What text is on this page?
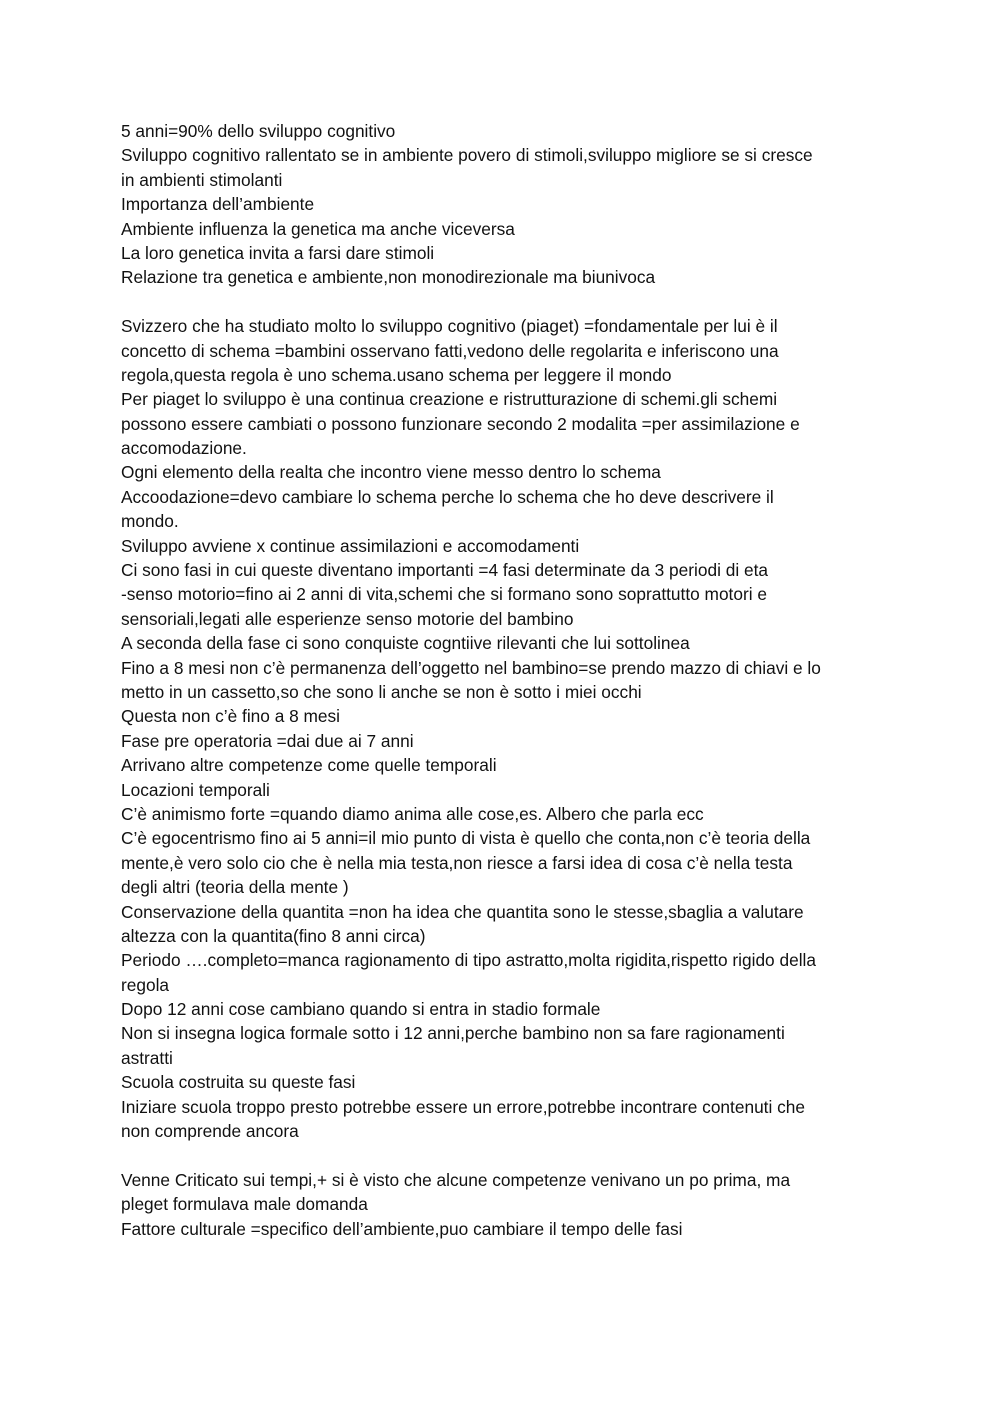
5 anni=90% dello sviluppo cognitivo
Sviluppo cognitivo rallentato se in ambiente povero di stimoli,sviluppo migliore se si cresce
in ambienti stimolanti
Importanza dell’ambiente
Ambiente influenza la genetica ma anche viceversa
La loro genetica invita a farsi dare stimoli
Relazione tra genetica e ambiente,non monodirezionale ma biunivoca
Svizzero che ha studiato molto lo sviluppo cognitivo (piaget) =fondamentale per lui è il
concetto di schema =bambini osservano fatti,vedono delle regolarita e inferiscono una
regola,questa regola è uno schema.usano schema per leggere il mondo
Per piaget lo sviluppo è una continua creazione e ristrutturazione di schemi.gli schemi
possono essere cambiati o possono funzionare secondo 2 modalita =per assimilazione e
accomodazione.
Ogni elemento della realta che incontro viene messo dentro lo schema
Accoodazione=devo cambiare lo schema perche lo schema che ho deve descrivere il
mondo.
Sviluppo avviene x continue assimilazioni e accomodamenti
Ci sono fasi in cui queste diventano importanti =4 fasi determinate da 3 periodi di eta
-senso motorio=fino ai 2 anni di vita,schemi che si formano sono soprattutto motori e
sensoriali,legati alle esperienze senso motorie del bambino
A seconda della fase ci sono conquiste cogntiive rilevanti che lui sottolinea
Fino a 8 mesi non c’è permanenza dell’oggetto nel bambino=se prendo mazzo di chiavi e lo
metto in un cassetto,so che sono li anche se non è sotto i miei occhi
Questa non c’è fino a 8 mesi
Fase pre operatoria =dai due ai 7 anni
Arrivano altre competenze come quelle temporali
Locazioni temporali
C’è animismo forte =quando diamo anima alle cose,es. Albero che parla ecc
C’è egocentrismo fino ai 5 anni=il mio punto di vista è quello che conta,non c’è teoria della
mente,è vero solo cio che è nella mia testa,non riesce a farsi idea di cosa c’è nella testa
degli altri (teoria della mente )
Conservazione della quantita =non ha idea che quantita sono le stesse,sbaglia a valutare
altezza con la quantita(fino 8 anni circa)
Periodo ….completo=manca ragionamento di tipo astratto,molta rigidita,rispetto rigido della
regola
Dopo 12 anni cose cambiano quando si entra in stadio formale
Non si insegna logica formale sotto i 12 anni,perche bambino non sa fare ragionamenti
astratti
Scuola costruita su queste fasi
Iniziare scuola troppo presto potrebbe essere un errore,potrebbe incontrare contenuti che
non comprende ancora
Venne Criticato sui tempi,+ si è visto che alcune competenze venivano un po prima, ma
pleget formulava male domanda
Fattore culturale =specifico dell’ambiente,puo cambiare il tempo delle fasi
